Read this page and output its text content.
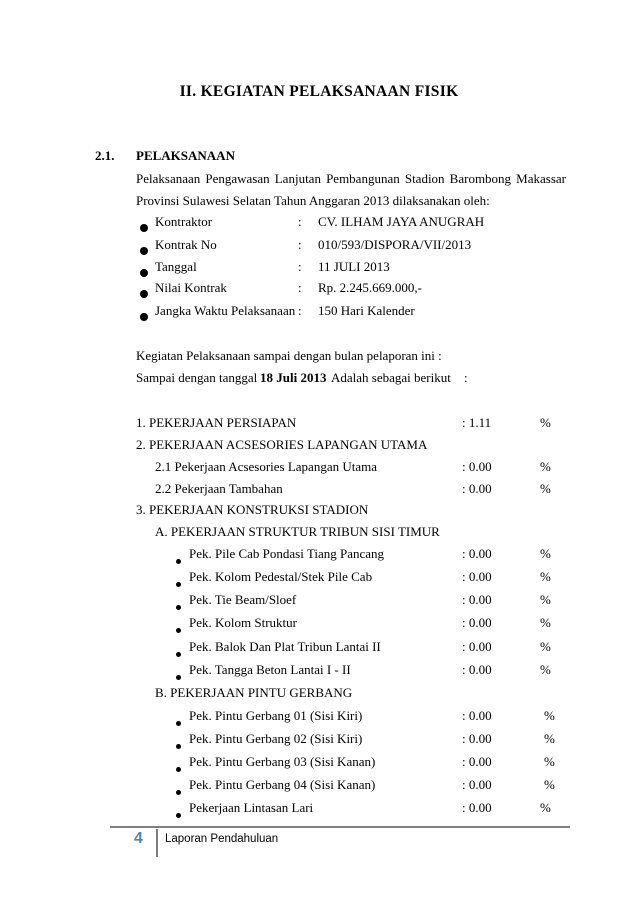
II. KEGIATAN PELAKSANAAN FISIK
2.1. PELAKSANAAN
Pelaksanaan Pengawasan Lanjutan Pembangunan Stadion Barombong Makassar
Provinsi Sulawesi Selatan Tahun Anggaran 2013 dilaksanakan oleh:
Kontraktor	: CV. ILHAM JAYA ANUGRAH
Kontrak No	: 010/593/DISPORA/VII/2013
Tanggal	: 11 JULI 2013
Nilai Kontrak	: Rp. 2.245.669.000,-
Jangka Waktu Pelaksanaan : 150 Hari Kalender
Kegiatan Pelaksanaan sampai dengan bulan pelaporan ini :
Sampai dengan tanggal 18 Juli 2013 Adalah sebagai berikut :
1. PEKERJAAN PERSIAPAN	: 1.11	%
2. PEKERJAAN ACSESORIES LAPANGAN UTAMA
2.1 Pekerjaan Acsesories Lapangan Utama	: 0.00	%
2.2 Pekerjaan Tambahan	: 0.00	%
3. PEKERJAAN KONSTRUKSI STADION
A. PEKERJAAN STRUKTUR TRIBUN SISI TIMUR
Pek. Pile Cab Pondasi Tiang Pancang	: 0.00	%
Pek. Kolom Pedestal/Stek Pile Cab	: 0.00	%
Pek. Tie Beam/Sloef	: 0.00	%
Pek. Kolom Struktur	: 0.00	%
Pek. Balok Dan Plat Tribun Lantai II	: 0.00	%
Pek. Tangga Beton Lantai I - II	: 0.00	%
B. PEKERJAAN PINTU GERBANG
Pek. Pintu Gerbang 01 (Sisi Kiri)	: 0.00	%
Pek. Pintu Gerbang 02 (Sisi Kiri)	: 0.00	%
Pek. Pintu Gerbang 03 (Sisi Kanan)	: 0.00	%
Pek. Pintu Gerbang 04 (Sisi Kanan)	: 0.00	%
Pekerjaan Lintasan Lari	: 0.00	%
4 Laporan Pendahuluan
